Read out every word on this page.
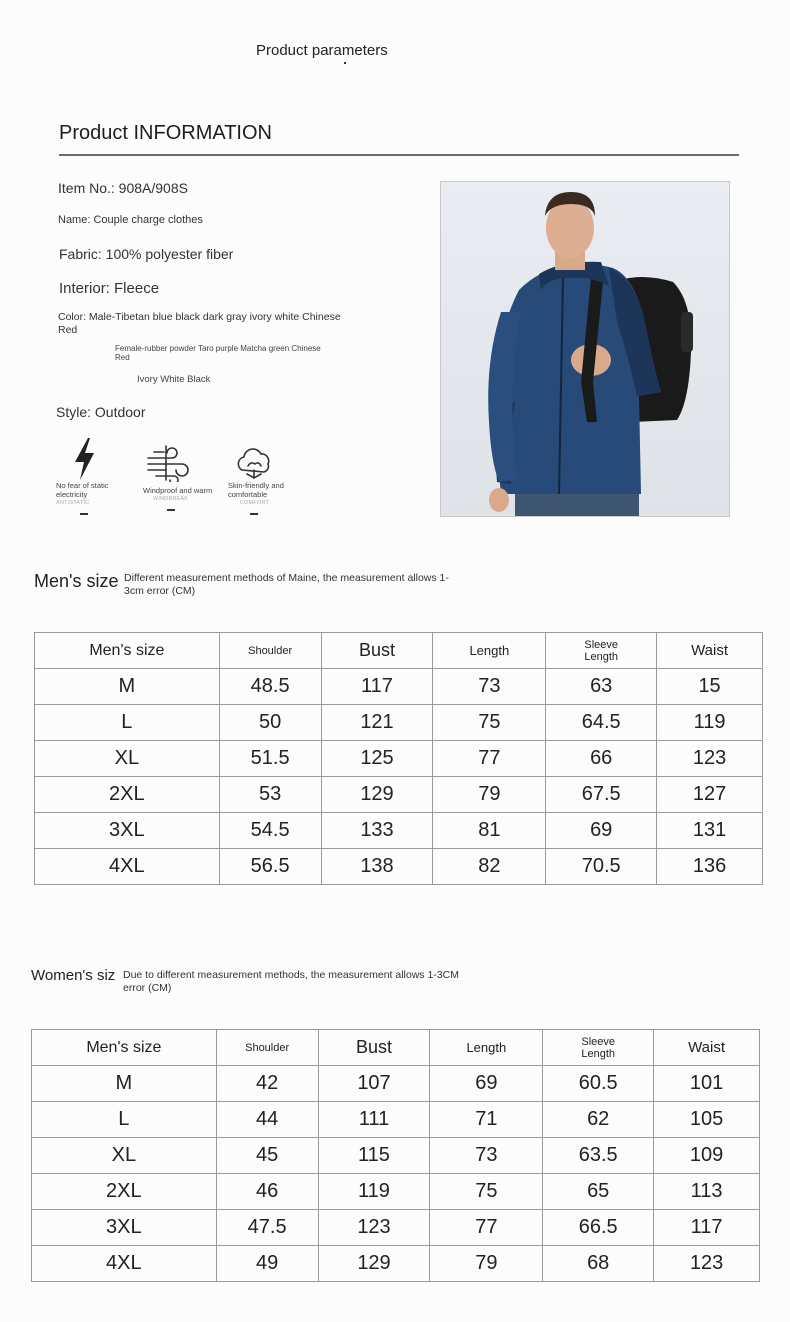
Product parameters
Product INFORMATION
Item No.: 908A/908S
Name: Couple charge clothes
Fabric: 100% polyester fiber
Interior: Fleece
Color: Male-Tibetan blue black dark gray ivory white Chinese Red
Female-rubber powder Taro purple Matcha green Chinese Red
Ivory White Black
Style: Outdoor
No fear of static electricity
ANTISTATIC
Windproof and warm
WINDBREAK
Skin-friendly and comfortable
COMFORT
Men's size Different measurement methods of Maine, the measurement allows 1-3cm error (CM)
Men's size	Shoulder	Bust	Length	Sleeve Length	Waist
M	48.5	117	73	63	15
L	50	121	75	64.5	119
XL	51.5	125	77	66	123
2XL	53	129	79	67.5	127
3XL	54.5	133	81	69	131
4XL	56.5	138	82	70.5	136
Women's siz Due to different measurement methods, the measurement allows 1-3CM error (CM)
Men's size	Shoulder	Bust	Length	Sleeve Length	Waist
M	42	107	69	60.5	101
L	44	111	71	62	105
XL	45	115	73	63.5	109
2XL	46	119	75	65	113
3XL	47.5	123	77	66.5	117
4XL	49	129	79	68	123
